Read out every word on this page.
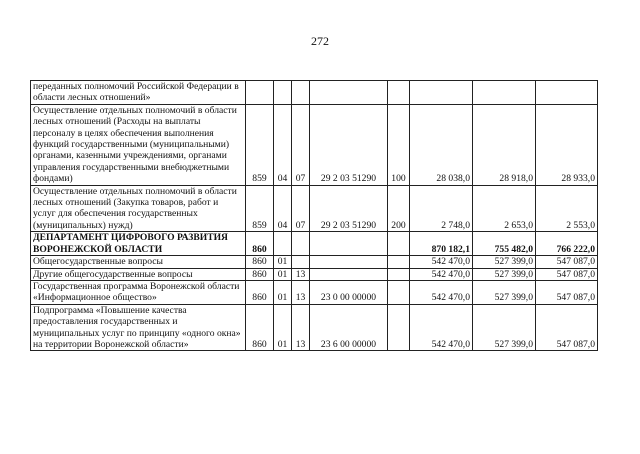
272
переданных полномочий Российской Федерации в области лесных отношений»								
Осуществление отдельных полномочий в области лесных отношений (Расходы на выплаты персоналу в целях обеспечения выполнения функций государственными (муниципальными) органами, казенными учреждениями, органами управления государственными внебюджетными фондами)	859	04	07	29 2 03 51290	100	28 038,0	28 918,0	28 933,0
Осуществление отдельных полномочий в области лесных отношений (Закупка товаров, работ и услуг для обеспечения государственных (муниципальных) нужд)	859	04	07	29 2 03 51290	200	2 748,0	2 653,0	2 553,0
ДЕПАРТАМЕНТ ЦИФРОВОГО РАЗВИТИЯ ВОРОНЕЖСКОЙ ОБЛАСТИ	860					870 182,1	755 482,0	766 222,0
Общегосударственные вопросы	860	01				542 470,0	527 399,0	547 087,0
Другие общегосударственные вопросы	860	01	13			542 470,0	527 399,0	547 087,0
Государственная программа Воронежской области «Информационное общество»	860	01	13	23 0 00 00000		542 470,0	527 399,0	547 087,0
Подпрограмма «Повышение качества предоставления государственных и муниципальных услуг по принципу «одного окна» на территории Воронежской области»	860	01	13	23 6 00 00000		542 470,0	527 399,0	547 087,0
